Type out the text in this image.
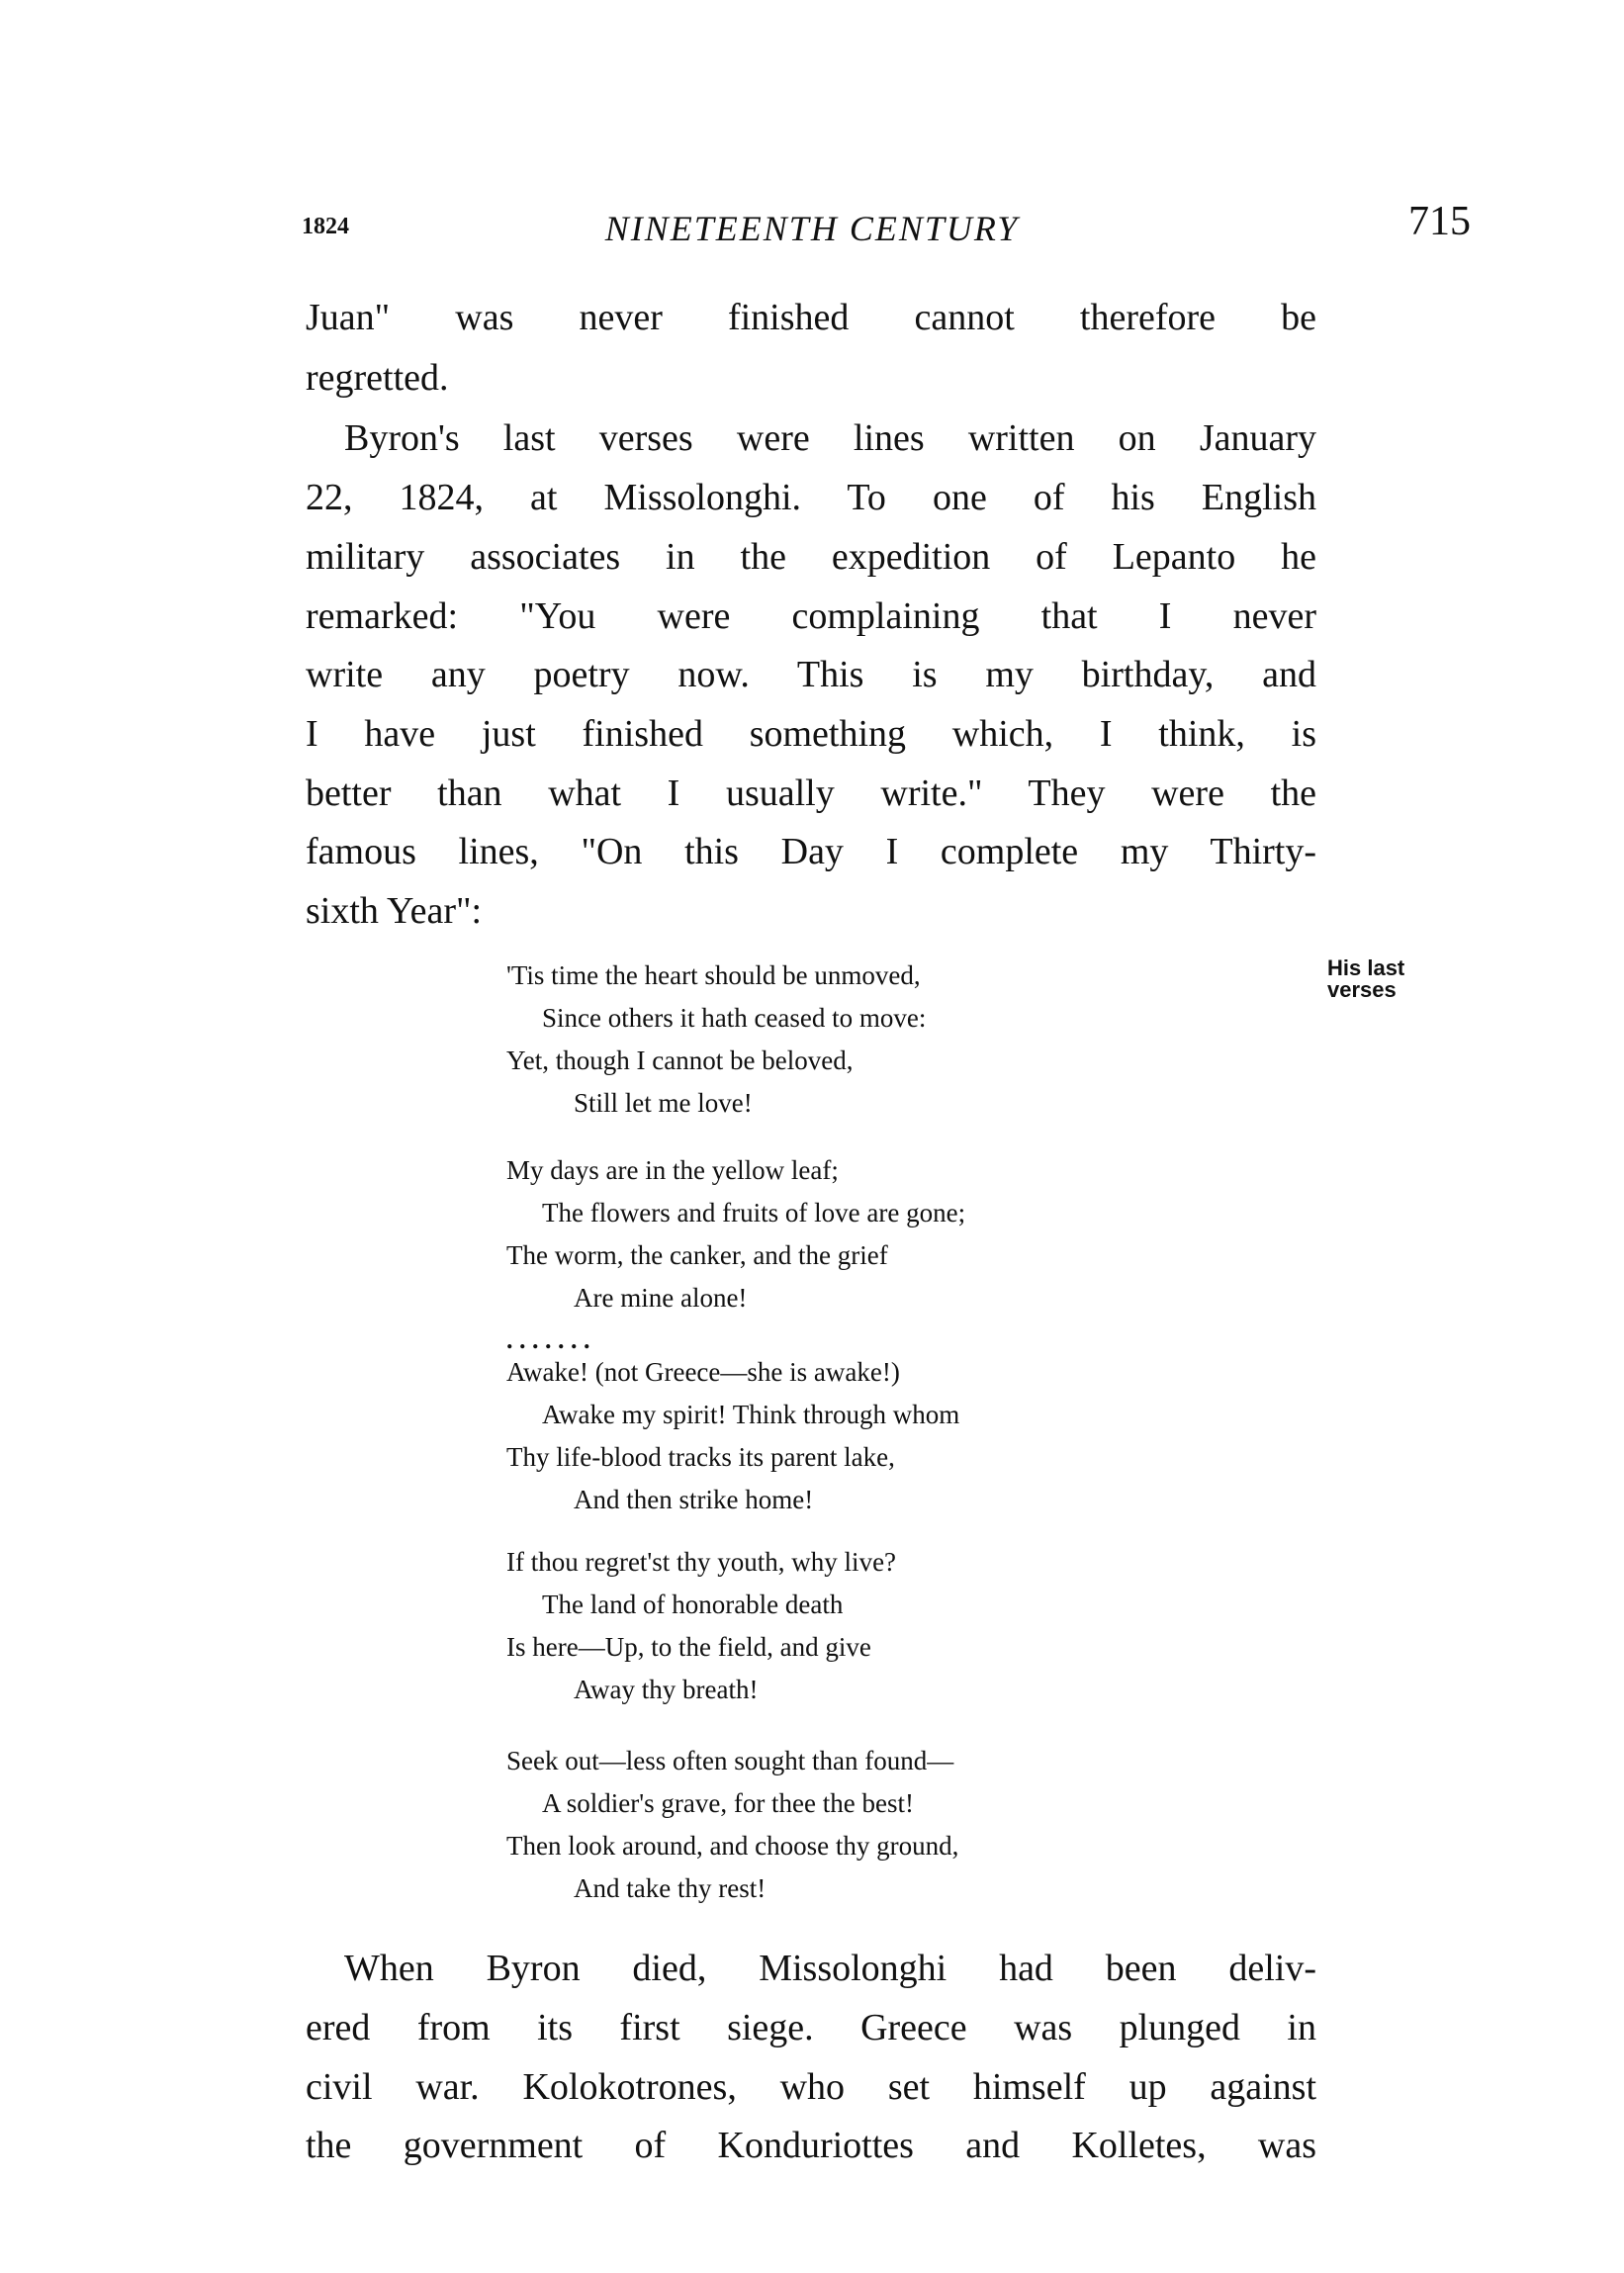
1824	NINETEENTH CENTURY	715
Juan" was never finished cannot therefore be
regretted.
Byron's last verses were lines written on January
22, 1824, at Missolonghi. To one of his English
military associates in the expedition of Lepanto he
remarked: "You were complaining that I never
write any poetry now. This is my birthday, and
I have just finished something which, I think, is
better than what I usually write." They were the
famous lines, "On this Day I complete my Thirty-
sixth Year":
His last
verses
'Tis time the heart should be unmoved,
Since others it hath ceased to move:
Yet, though I cannot be beloved,
Still let me love!
My days are in the yellow leaf;
The flowers and fruits of love are gone;
The worm, the canker, and the grief
Are mine alone!
. . . . . . .
Awake! (not Greece—she is awake!)
Awake my spirit! Think through whom
Thy life-blood tracks its parent lake,
And then strike home!
If thou regret'st thy youth, why live?
The land of honorable death
Is here—Up, to the field, and give
Away thy breath!
Seek out—less often sought than found—
A soldier's grave, for thee the best!
Then look around, and choose thy ground,
And take thy rest!
When Byron died, Missolonghi had been deliv-
ered from its first siege. Greece was plunged in
civil war. Kolokotrones, who set himself up against
the government of Konduriottes and Kolletes, was
